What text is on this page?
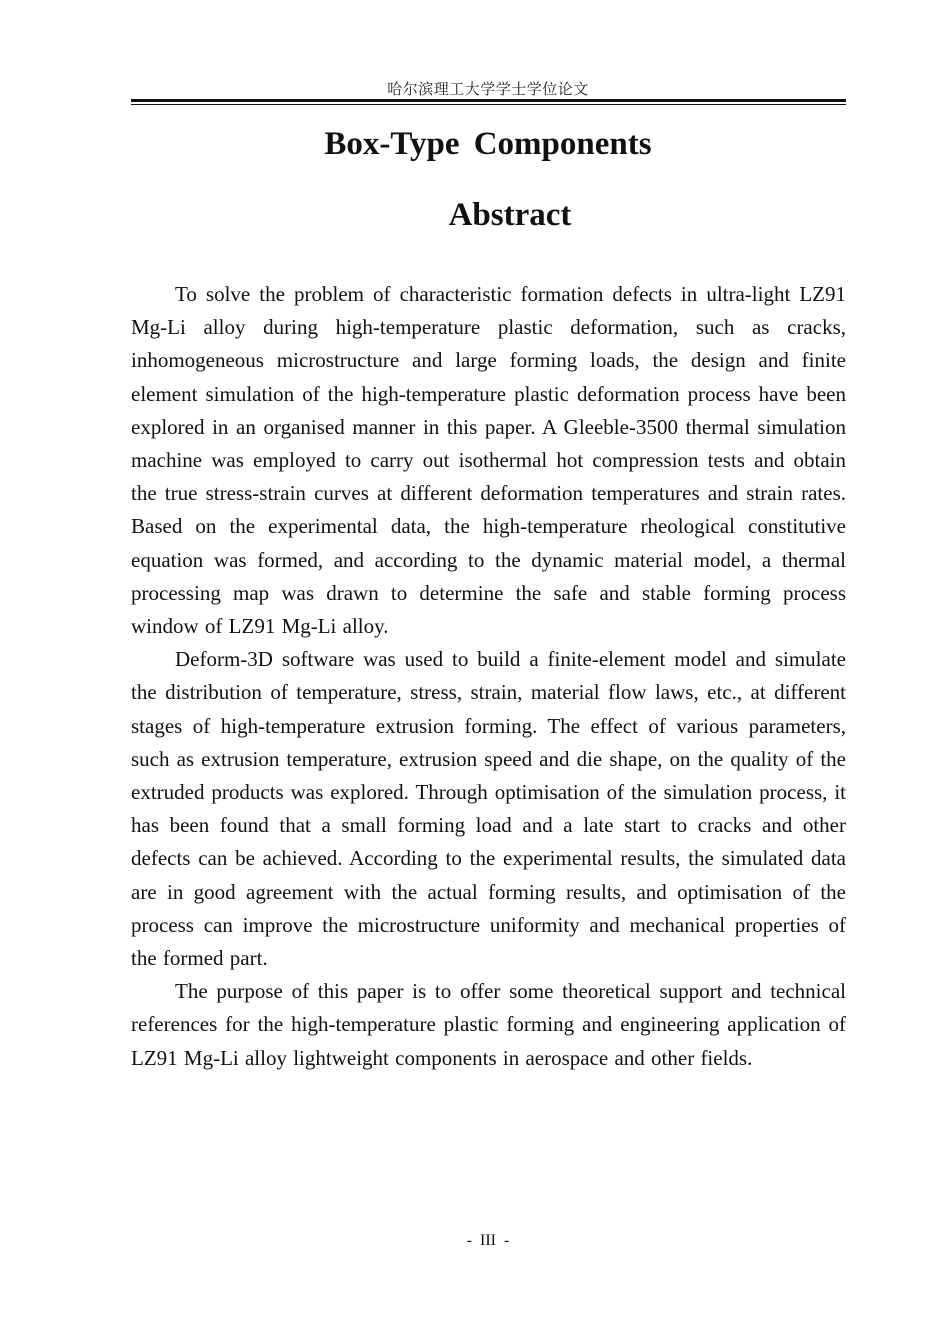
哈尔滨理工大学学士学位论文
Box-Type Components
Abstract

To solve the problem of characteristic formation defects in ultra-light LZ91 Mg-Li alloy during high-temperature plastic deformation, such as cracks, inhomogeneous microstructure and large forming loads, the design and finite element simulation of the high-temperature plastic deformation process have been explored in an organised manner in this paper. A Gleeble-3500 thermal simulation machine was employed to carry out isothermal hot compression tests and obtain the true stress-strain curves at different deformation temperatures and strain rates. Based on the experimental data, the high-temperature rheological constitutive equation was formed, and according to the dynamic material model, a thermal processing map was drawn to determine the safe and stable forming process window of LZ91 Mg-Li alloy.

Deform-3D software was used to build a finite-element model and simulate the distribution of temperature, stress, strain, material flow laws, etc., at different stages of high-temperature extrusion forming. The effect of various parameters, such as extrusion temperature, extrusion speed and die shape, on the quality of the extruded products was explored. Through optimisation of the simulation process, it has been found that a small forming load and a late start to cracks and other defects can be achieved. According to the experimental results, the simulated data are in good agreement with the actual forming results, and optimisation of the process can improve the microstructure uniformity and mechanical properties of the formed part.

The purpose of this paper is to offer some theoretical support and technical references for the high-temperature plastic forming and engineering application of LZ91 Mg-Li alloy lightweight components in aerospace and other fields.

- III -
